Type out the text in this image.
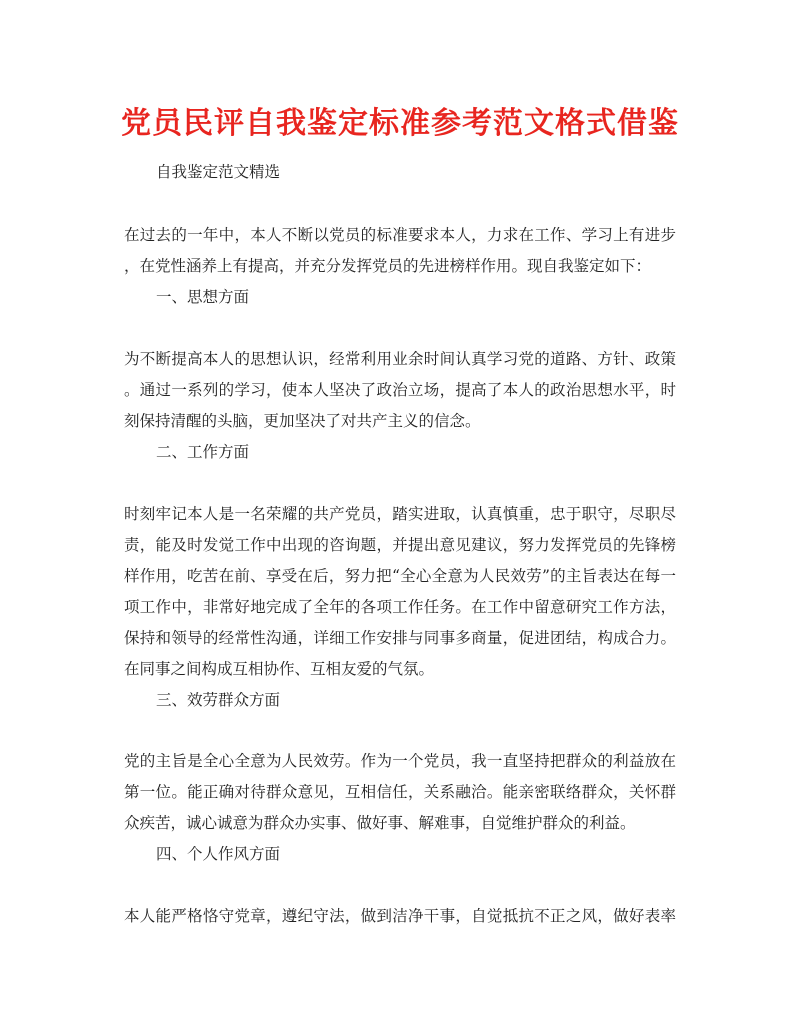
党员民评自我鉴定标准参考范文格式借鉴
自我鉴定范文精选
在过去的一年中，本人不断以党员的标准要求本人，力求在工作、学习上有进步
，在党性涵养上有提高，并充分发挥党员的先进榜样作用。现自我鉴定如下：
一、思想方面
为不断提高本人的思想认识，经常利用业余时间认真学习党的道路、方针、政策
。通过一系列的学习，使本人坚决了政治立场，提高了本人的政治思想水平，时
刻保持清醒的头脑，更加坚决了对共产主义的信念。
二、工作方面
时刻牢记本人是一名荣耀的共产党员，踏实进取，认真慎重，忠于职守，尽职尽
责，能及时发觉工作中出现的咨询题，并提出意见建议，努力发挥党员的先锋榜
样作用，吃苦在前、享受在后，努力把“全心全意为人民效劳”的主旨表达在每一
项工作中，非常好地完成了全年的各项工作任务。在工作中留意研究工作方法，
保持和领导的经常性沟通，详细工作安排与同事多商量，促进团结，构成合力。
在同事之间构成互相协作、互相友爱的气氛。
三、效劳群众方面
党的主旨是全心全意为人民效劳。作为一个党员，我一直坚持把群众的利益放在
第一位。能正确对待群众意见，互相信任，关系融洽。能亲密联络群众，关怀群
众疾苦，诚心诚意为群众办实事、做好事、解难事，自觉维护群众的利益。
四、个人作风方面
本人能严格恪守党章，遵纪守法，做到洁净干事，自觉抵抗不正之风，做好表率
